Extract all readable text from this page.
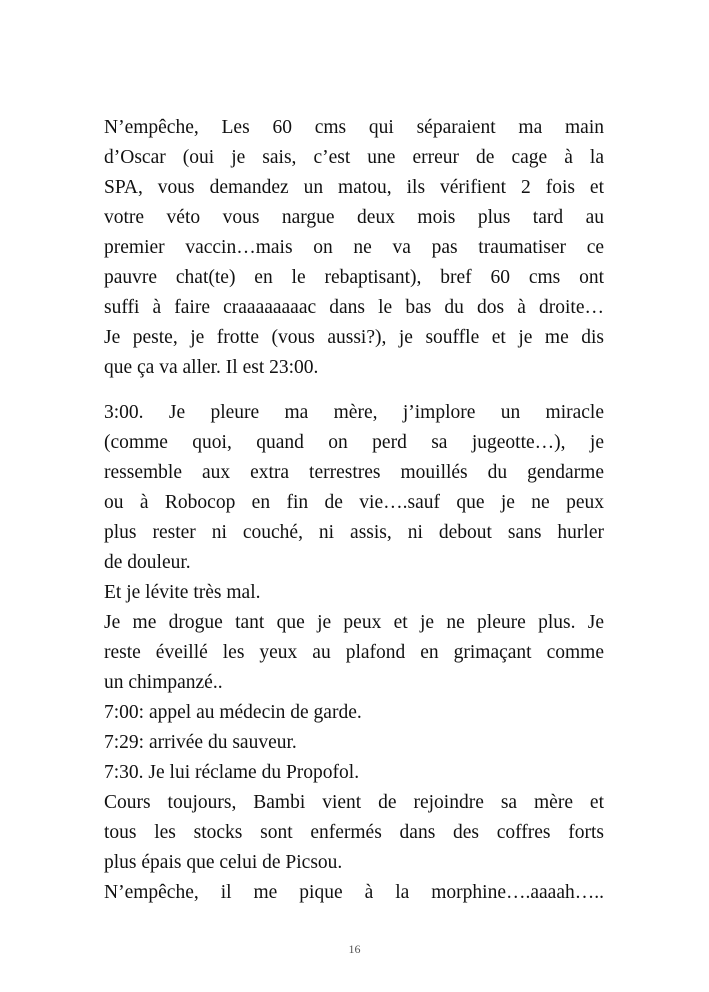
N’empêche, Les 60 cms qui séparaient ma main
d’Oscar (oui je sais, c’est une erreur de cage à la
SPA, vous demandez un matou, ils vérifient 2 fois et
votre véto vous nargue deux mois plus tard au
premier vaccin…mais on ne va pas traumatiser ce
pauvre chat(te) en le rebaptisant), bref 60 cms ont
suffi à faire craaaaaaaac dans le bas du dos à droite…
Je peste, je frotte (vous aussi?), je souffle et je me dis
que ça va aller. Il est 23:00.
3:00. Je pleure ma mère, j’implore un miracle
(comme quoi, quand on perd sa jugeotte…), je
ressemble aux extra terrestres mouillés du gendarme
ou à Robocop en fin de vie….sauf que je ne peux
plus rester ni couché, ni assis, ni debout sans hurler
de douleur.
Et je lévite très mal.
Je me drogue tant que je peux et je ne pleure plus. Je
reste éveillé les yeux au plafond en grimaçant comme
un chimpanzé..
7:00: appel au médecin de garde.
7:29: arrivée du sauveur.
7:30. Je lui réclame du Propofol.
Cours toujours, Bambi vient de rejoindre sa mère et
tous les stocks sont enfermés dans des coffres forts
plus épais que celui de Picsou.
N’empêche, il me pique à la morphine….aaaah…..
16
